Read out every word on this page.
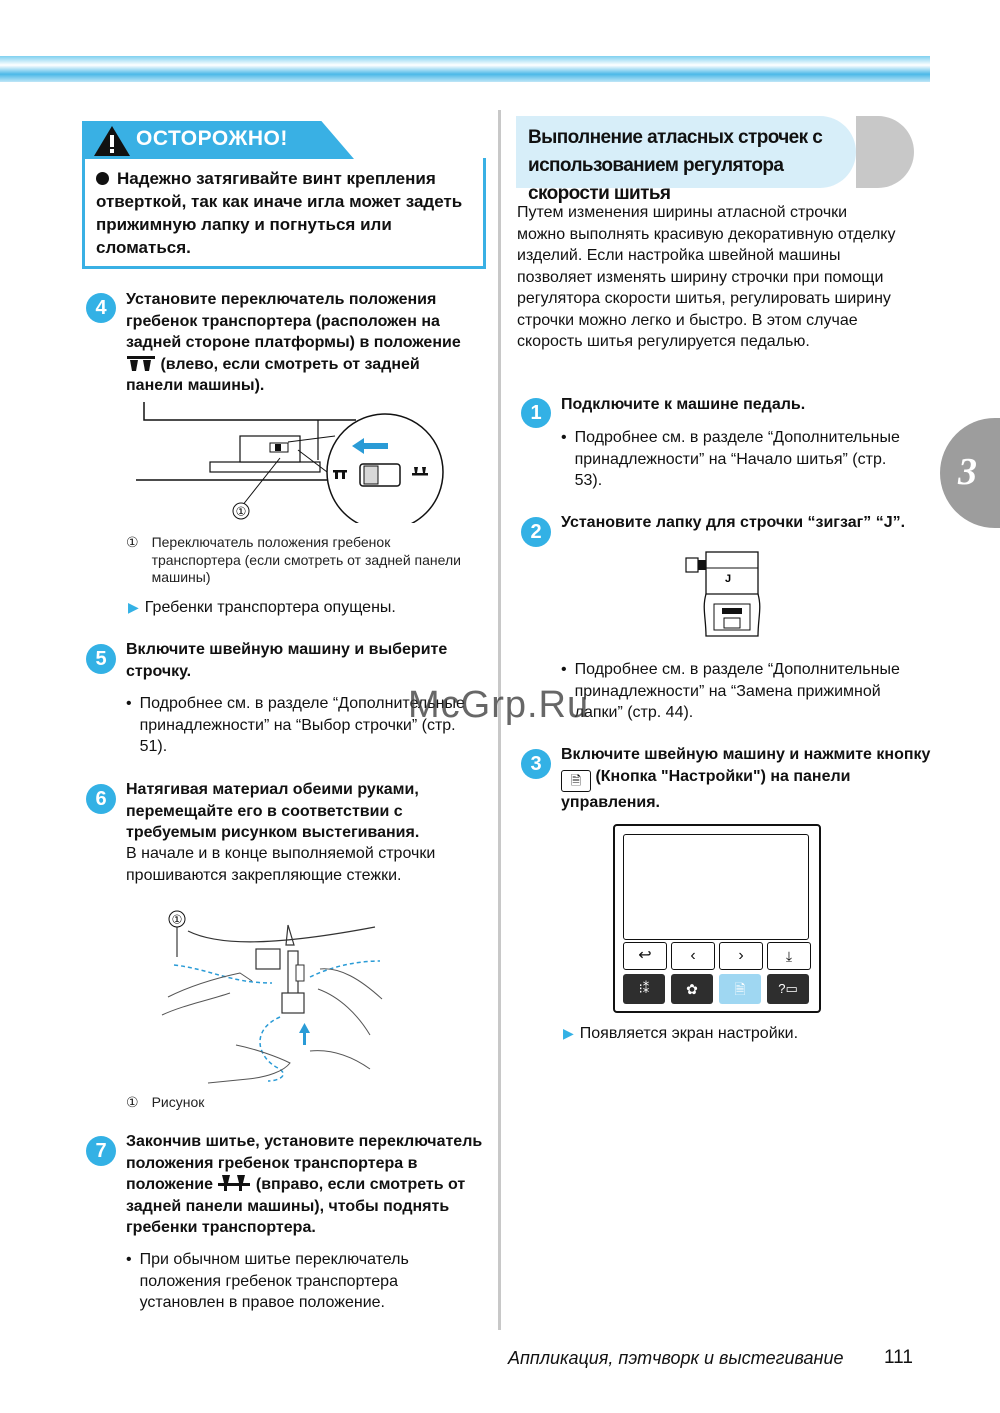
ОСТОРОЖНО!
Надежно затягивайте винт крепления отверткой, так как иначе игла может задеть прижимную лапку и погнуться или сломаться.
4	Установите переключатель положения гребенок транспортера (расположен на задней стороне платформы) в положение  (влево, если смотреть от задней панели машины).
①
① Переключатель положения гребенок транспортера (если смотреть от задней панели машины)
▶ Гребенки транспортера опущены.
5	Включите швейную машину и выберите строчку.
• Подробнее см. в разделе “Дополнительные принадлежности” на “Выбор строчки” (стр. 51).
6	Натягивая материал обеими руками, перемещайте его в соответствии с требуемым рисунком выстегивания.
В начале и в конце выполняемой строчки прошиваются закрепляющие стежки.
①
① Рисунок
7	Закончив шитье, установите переключатель положения гребенок транспортера в положение	(вправо, если смотреть от задней панели машины), чтобы поднять гребенки транспортера.
• При обычном шитье переключатель положения гребенок транспортера установлен в правое положение.
Выполнение атласных строчек с использованием регулятора скорости шитья
Путем изменения ширины атласной строчки можно выполнять красивую декоративную отделку изделий. Если настройка швейной машины позволяет изменять ширину строчки при помощи регулятора скорости шитья, регулировать ширину строчки можно легко и быстро. В этом случае скорость шитья регулируется педалью.
1	Подключите к машине педаль.
• Подробнее см. в разделе “Дополнительные принадлежности” на “Начало шитья” (стр. 53).
2	Установите лапку для строчки “зигзаг” “J”.
J
• Подробнее см. в разделе “Дополнительные принадлежности” на “Замена прижимной лапки” (стр. 44).
3	Включите швейную машину и нажмите кнопку 🗎 (Кнопка "Настройки") на панели управления.
↩	‹	›	⤓
⁝⁑	✿	🗎	?▭
▶ Появляется экран настройки.
3
McGrp.Ru
Аппликация, пэтчворк и выстегивание 111
